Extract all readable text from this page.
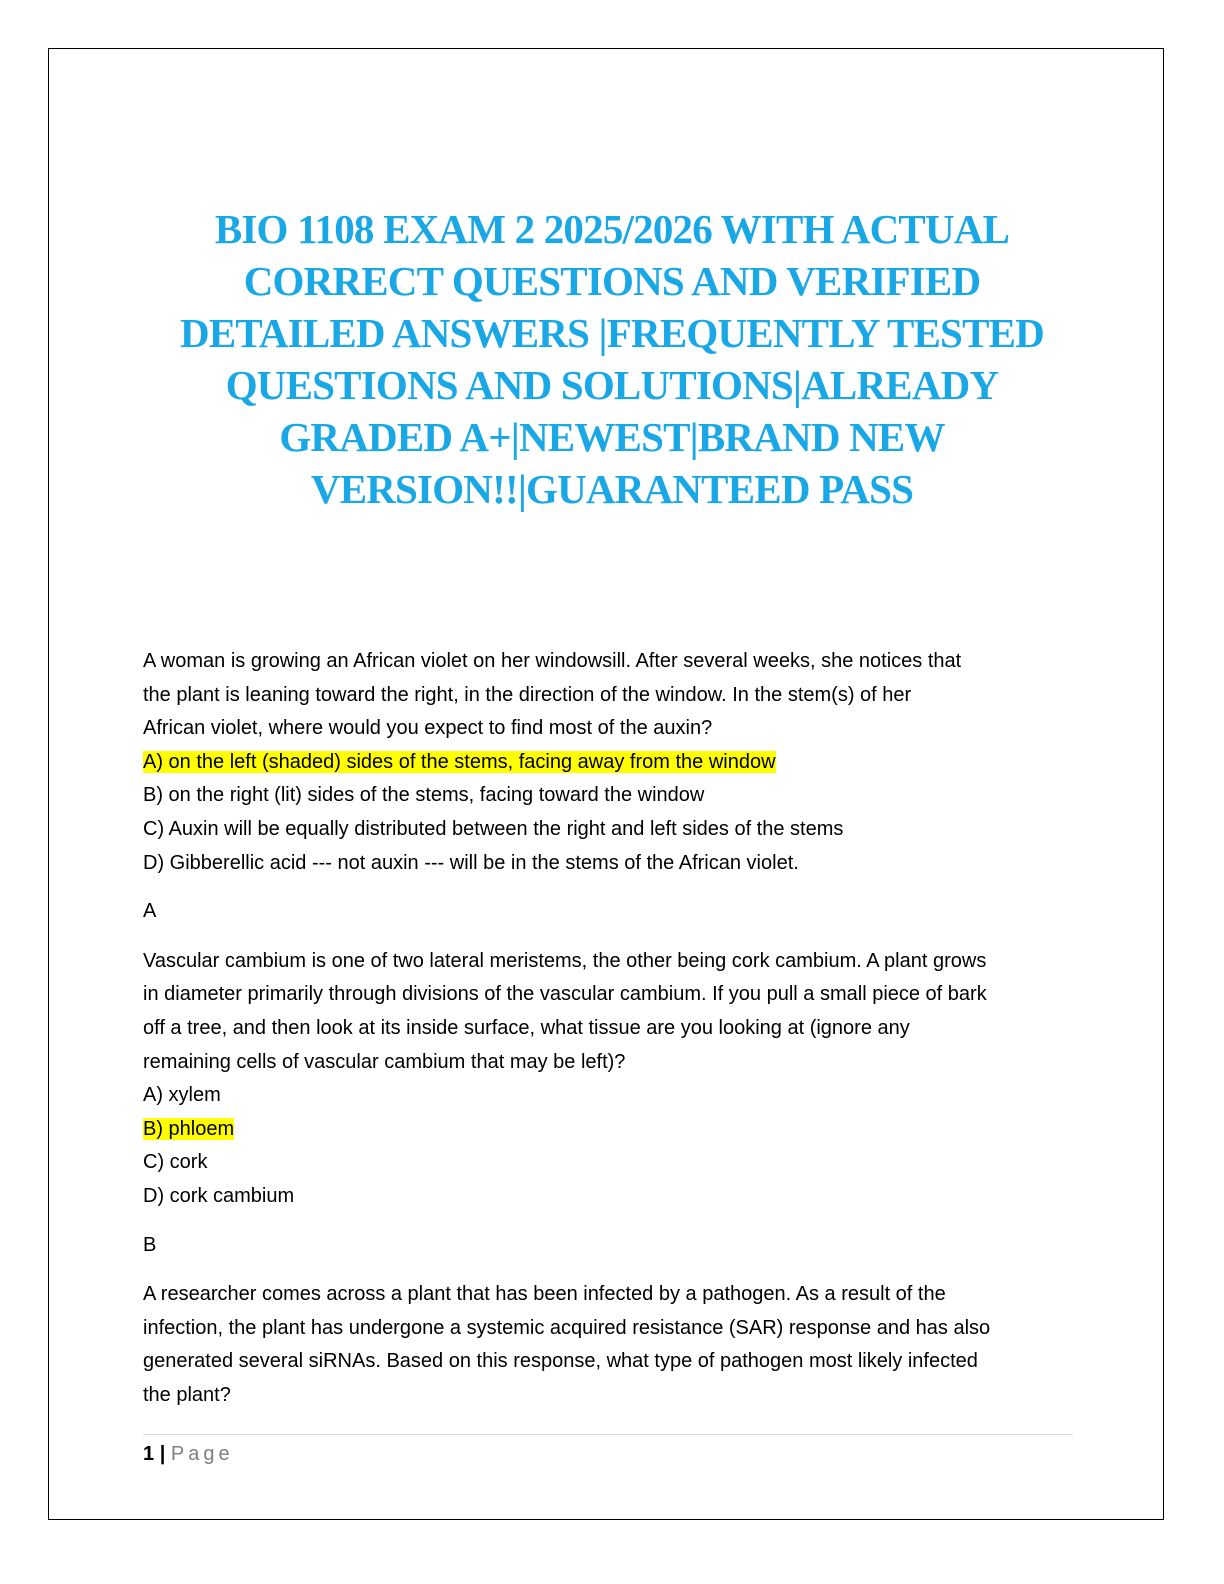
BIO 1108 EXAM 2 2025/2026 WITH ACTUAL
CORRECT QUESTIONS AND VERIFIED
DETAILED ANSWERS |FREQUENTLY TESTED
QUESTIONS AND SOLUTIONS|ALREADY
GRADED A+|NEWEST|BRAND NEW
VERSION!!|GUARANTEED PASS
A woman is growing an African violet on her windowsill. After several weeks, she notices that
the plant is leaning toward the right, in the direction of the window. In the stem(s) of her
African violet, where would you expect to find most of the auxin?
A) on the left (shaded) sides of the stems, facing away from the window
B) on the right (lit) sides of the stems, facing toward the window
C) Auxin will be equally distributed between the right and left sides of the stems
D) Gibberellic acid --- not auxin --- will be in the stems of the African violet.
A
Vascular cambium is one of two lateral meristems, the other being cork cambium. A plant grows
in diameter primarily through divisions of the vascular cambium. If you pull a small piece of bark
off a tree, and then look at its inside surface, what tissue are you looking at (ignore any
remaining cells of vascular cambium that may be left)?
A) xylem
B) phloem
C) cork
D) cork cambium
B
A researcher comes across a plant that has been infected by a pathogen. As a result of the
infection, the plant has undergone a systemic acquired resistance (SAR) response and has also
generated several siRNAs. Based on this response, what type of pathogen most likely infected
the plant?
1 | Page
